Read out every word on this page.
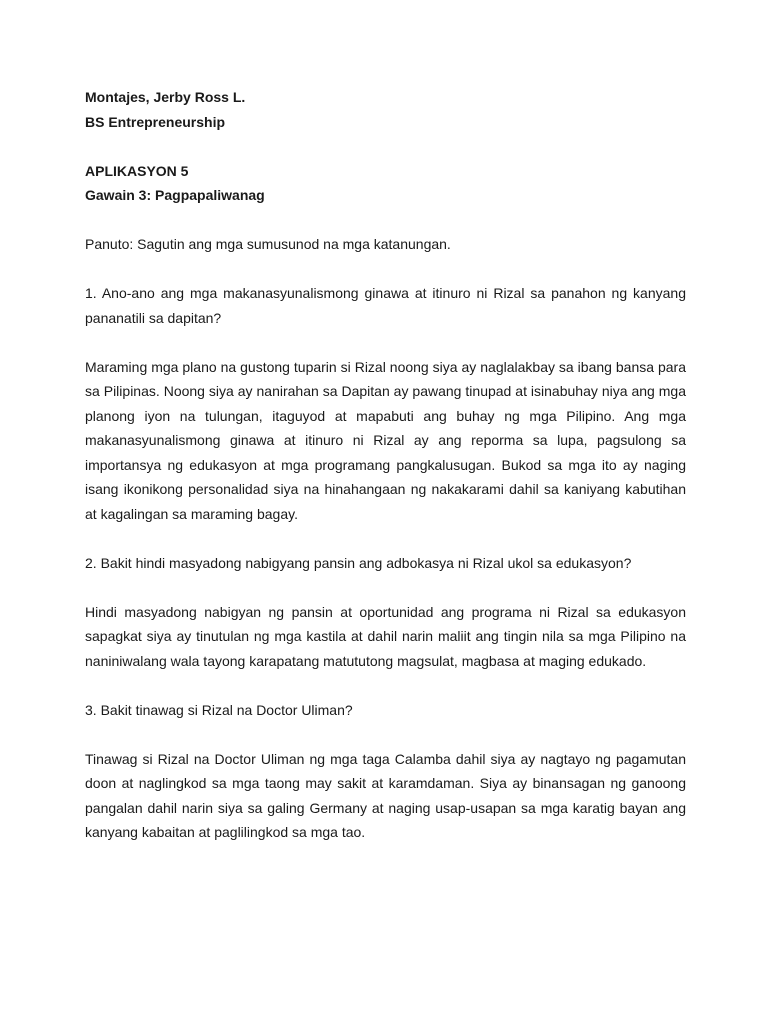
Montajes, Jerby Ross L.

BS Entrepreneurship

APLIKASYON 5

Gawain 3: Pagpapaliwanag

Panuto: Sagutin ang mga sumusunod na mga katanungan.

1. Ano-ano ang mga makanasyunalismong ginawa at itinuro ni Rizal sa panahon ng kanyang pananatili sa dapitan?

Maraming mga plano na gustong tuparin si Rizal noong siya ay naglalakbay sa ibang bansa para sa Pilipinas. Noong siya ay nanirahan sa Dapitan ay pawang tinupad at isinabuhay niya ang mga planong iyon na tulungan, itaguyod at mapabuti ang buhay ng mga Pilipino. Ang mga makanasyunalismong ginawa at itinuro ni Rizal ay ang reporma sa lupa, pagsulong sa importansya ng edukasyon at mga programang pangkalusugan. Bukod sa mga ito ay naging isang ikonikong personalidad siya na hinahangaan ng nakakarami dahil sa kaniyang kabutihan at kagalingan sa maraming bagay.

2. Bakit hindi masyadong nabigyang pansin ang adbokasya ni Rizal ukol sa edukasyon?

Hindi masyadong nabigyan ng pansin at oportunidad ang programa ni Rizal sa edukasyon sapagkat siya ay tinutulan ng mga kastila at dahil narin maliit ang tingin nila sa mga Pilipino na naniniwalang wala tayong karapatang matututong magsulat, magbasa at maging edukado.

3. Bakit tinawag si Rizal na Doctor Uliman?

Tinawag si Rizal na Doctor Uliman ng mga taga Calamba dahil siya ay nagtayo ng pagamutan doon at naglingkod sa mga taong may sakit at karamdaman. Siya ay binansagan ng ganoong pangalan dahil narin siya sa galing Germany at naging usap-usapan sa mga karatig bayan ang kanyang kabaitan at paglilingkod sa mga tao.
